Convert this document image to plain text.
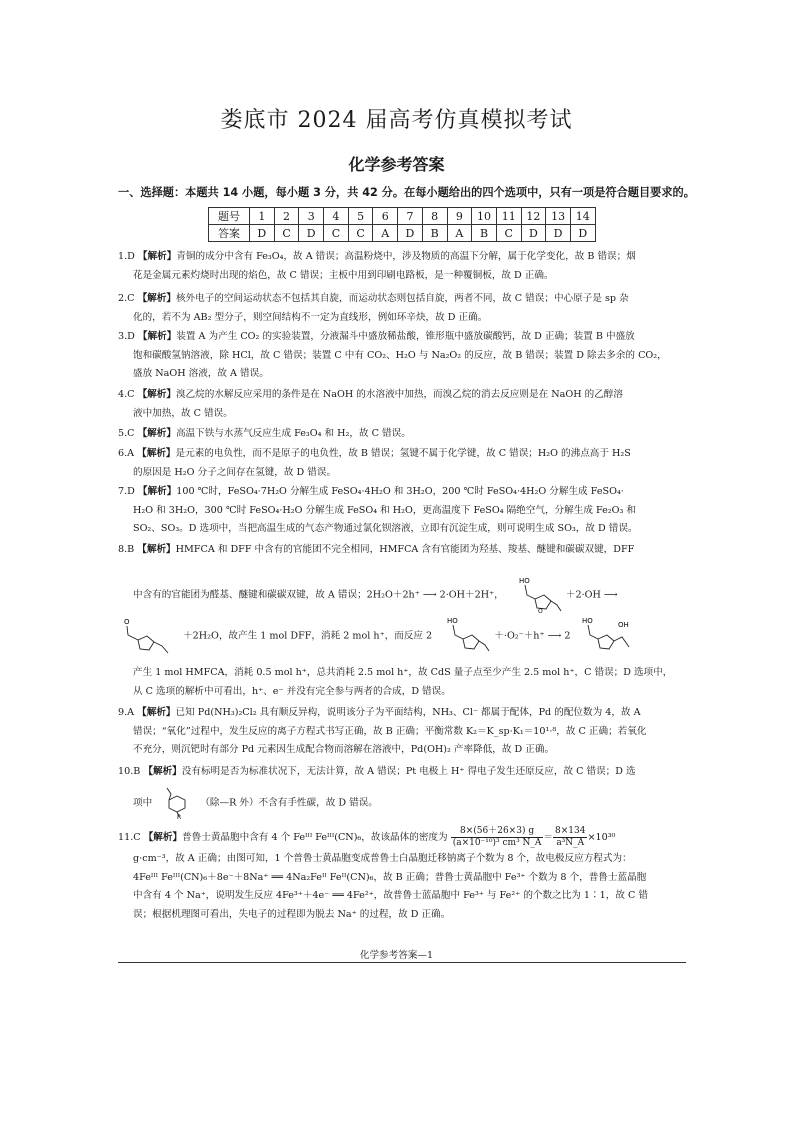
娄底市 2024 届高考仿真模拟考试
化学参考答案
一、选择题：本题共 14 小题，每小题 3 分，共 42 分。在每小题给出的四个选项中，只有一项是符合题目要求的。
题号	1	2	3	4	5	6	7	8	9	10	11	12	13	14
答案	D	C	D	C	C	A	D	B	A	B	C	D	D	D
1.D 【解析】青铜的成分中含有 Fe₃O₄，故 A 错误；高温粉烧中，涉及物质的高温下分解，属于化学变化，故 B 错误；烟
花是金属元素灼烧时出现的焰色，故 C 错误；主板中用到印刷电路板，是一种覆铜板，故 D 正确。
2.C 【解析】核外电子的空间运动状态不包括其自旋，而运动状态则包括自旋，两者不同，故 C 错误；中心原子是 sp 杂
化的，若不为 AB₂ 型分子，则空间结构不一定为直线形，例如环辛炔，故 D 正确。
3.D 【解析】装置 A 为产生 CO₂ 的实验装置，分液漏斗中盛放稀盐酸，锥形瓶中盛放碳酸钙，故 D 正确；装置 B 中盛放
饱和碳酸氢钠溶液，除 HCl，故 C 错误；装置 C 中有 CO₂、H₂O 与 Na₂O₂ 的反应，故 B 错误；装置 D 除去多余的 CO₂，
盛放 NaOH 溶液，故 A 错误。
4.C 【解析】溴乙烷的水解反应采用的条件是在 NaOH 的水溶液中加热，而溴乙烷的消去反应则是在 NaOH 的乙醇溶
液中加热，故 C 错误。
5.C 【解析】高温下铁与水蒸气反应生成 Fe₃O₄ 和 H₂，故 C 错误。
6.A 【解析】是元素的电负性，而不是原子的电负性，故 B 错误；氢键不属于化学键，故 C 错误；H₂O 的沸点高于 H₂S
的原因是 H₂O 分子之间存在氢键，故 D 错误。
7.D 【解析】100 ℃时，FeSO₄·7H₂O 分解生成 FeSO₄·4H₂O 和 3H₂O，200 ℃时 FeSO₄·4H₂O 分解生成 FeSO₄·
H₂O 和 3H₂O，300 ℃时 FeSO₄·H₂O 分解生成 FeSO₄ 和 H₂O，更高温度下 FeSO₄ 隔绝空气，分解生成 Fe₂O₃ 和
SO₂、SO₃。D 选项中，当把高温生成的气态产物通过氯化钡溶液，立即有沉淀生成，则可说明生成 SO₃，故 D 错误。
8.B 【解析】HMFCA 和 DFF 中含有的官能团不完全相同，HMFCA 含有官能团为羟基、羧基、醚键和碳碳双键，DFF
中含有的官能团为醛基、醚键和碳碳双键，故 A 错误；2H₂O＋2h⁺ ⟶ 2·OH＋2H⁺，
HO
O
＋2·OH ⟶
O
＋2H₂O，故产生 1 mol DFF，消耗 2 mol h⁺，而反应 2
HO
＋·O₂⁻＋h⁺ ⟶ 2
HO	OH
产生 1 mol HMFCA，消耗 0.5 mol h⁺，总共消耗 2.5 mol h⁺，故 CdS 量子点至少产生 2.5 mol h⁺，C 错误；D 选项中，
从 C 选项的解析中可看出，h⁺、e⁻ 并没有完全参与两者的合成，D 错误。
9.A 【解析】已知 Pd(NH₃)₂Cl₂ 具有顺反异构，说明该分子为平面结构，NH₃、Cl⁻ 都属于配体，Pd 的配位数为 4，故 A
错误；“氧化”过程中，发生反应的离子方程式书写正确，故 B 正确；平衡常数 K₂＝K_sp·K₁＝10¹·⁸，故 C 正确；若氧化
不充分，则沉钯时有部分 Pd 元素因生成配合物而溶解在溶液中，Pd(OH)₂ 产率降低，故 D 正确。
10.B 【解析】没有标明是否为标准状况下，无法计算，故 A 错误；Pt 电极上 H⁺ 得电子发生还原反应，故 C 错误；D 选
项中
R
（除—R 外）不含有手性碳，故 D 错误。
11.C 【解析】普鲁士黄晶胞中含有 4 个 Feᴵᴵᴵ Feᴵᴵᴵ(CN)₆，故该晶体的密度为 $\frac{8\times(56+26\times 3) g}{\text{(a×10⁻¹⁰)³ cm³ N\_A}} = \frac{8\times 134}{\text{a³N\_A}} \times 10^{30}$
g·cm⁻³，故 A 正确；由图可知，1 个普鲁士黄晶胞变成普鲁士白晶胞迁移钠离子个数为 8 个，故电极反应方程式为：
4Feᴵᴵᴵ Feᴵᴵᴵ(CN)₆＋8e⁻＋8Na⁺ ══ 4Na₂Feᴵᴵ Feᴵᴵ(CN)₆，故 B 正确；普鲁士黄晶胞中 Fe³⁺ 个数为 8 个，普鲁士蓝晶胞
中含有 4 个 Na⁺，说明发生反应 4Fe³⁺＋4e⁻ ══ 4Fe²⁺，故普鲁士蓝晶胞中 Fe³⁺ 与 Fe²⁺ 的个数之比为 1∶1，故 C 错
误；根据机理图可看出，失电子的过程即为脱去 Na⁺ 的过程，故 D 正确。
化学参考答案—1
